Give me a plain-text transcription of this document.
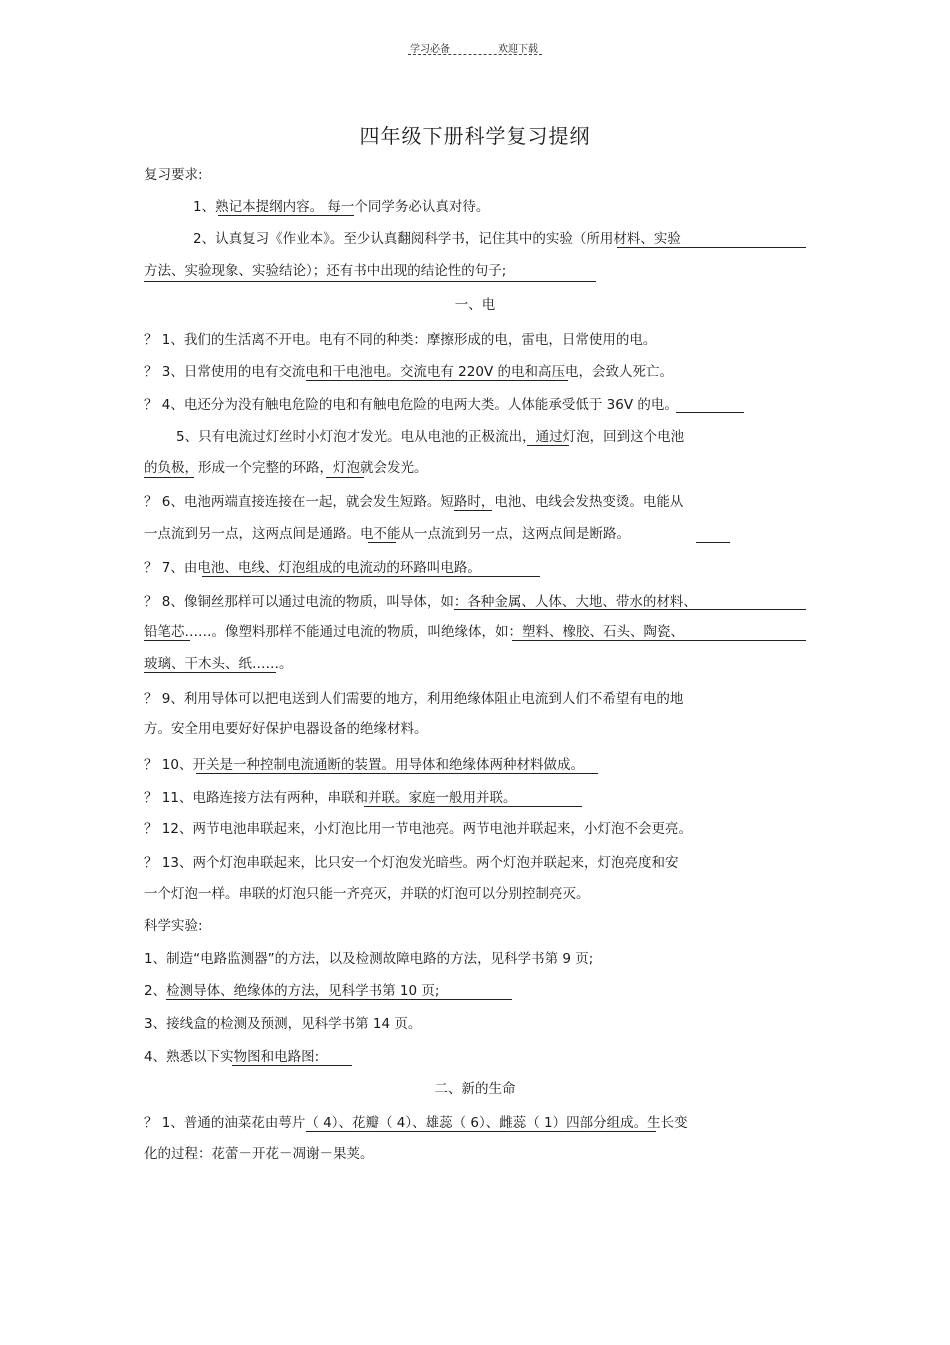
学习必备	欢迎下载
四年级下册科学复习提纲
复习要求:
1、熟记本提纲内容。 每一个同学务必认真对待。
2、认真复习《作业本》。至少认真翻阅科学书，记住其中的实验（所用材料、实验
方法、实验现象、实验结论）；还有书中出现的结论性的句子;
一、电
？ 1、我们的生活离不开电。电有不同的种类：摩擦形成的电，雷电，日常使用的电。
？ 3、日常使用的电有交流电和干电池电。交流电有 220V 的电和高压电，会致人死亡。
？ 4、电还分为没有触电危险的电和有触电危险的电两大类。人体能承受低于 36V 的电。
5、只有电流过灯丝时小灯泡才发光。电从电池的正极流出，通过灯泡，回到这个电池
的负极，形成一个完整的环路，灯泡就会发光。
？ 6、电池两端直接连接在一起，就会发生短路。短路时，电池、电线会发热变烫。电能从
一点流到另一点，这两点间是通路。电不能从一点流到另一点，这两点间是断路。
？ 7、由电池、电线、灯泡组成的电流动的环路叫电路。
？ 8、像铜丝那样可以通过电流的物质，叫导体，如：各种金属、人体、大地、带水的材料、
铅笔芯……。像塑料那样不能通过电流的物质，叫绝缘体，如：塑料、橡胶、石头、陶瓷、
玻璃、干木头、纸……。
？ 9、利用导体可以把电送到人们需要的地方，利用绝缘体阻止电流到人们不希望有电的地
方。安全用电要好好保护电器设备的绝缘材料。
？ 10、开关是一种控制电流通断的装置。用导体和绝缘体两种材料做成。
？ 11、电路连接方法有两种，串联和并联。家庭一般用并联。
？ 12、两节电池串联起来，小灯泡比用一节电池亮。两节电池并联起来，小灯泡不会更亮。
？ 13、两个灯泡串联起来，比只安一个灯泡发光暗些。两个灯泡并联起来，灯泡亮度和安
一个灯泡一样。串联的灯泡只能一齐亮灭，并联的灯泡可以分别控制亮灭。
科学实验:
1、制造“电路监测器”的方法，以及检测故障电路的方法，见科学书第 9 页;
2、检测导体、绝缘体的方法，见科学书第 10 页;
3、接线盒的检测及预测，见科学书第 14 页。
4、熟悉以下实物图和电路图:
二、新的生命
？ 1、普通的油菜花由萼片（ 4）、花瓣（ 4）、雄蕊（ 6）、雌蕊（ 1）四部分组成。生长变
化的过程：花蕾－开花－凋谢－果荚。
